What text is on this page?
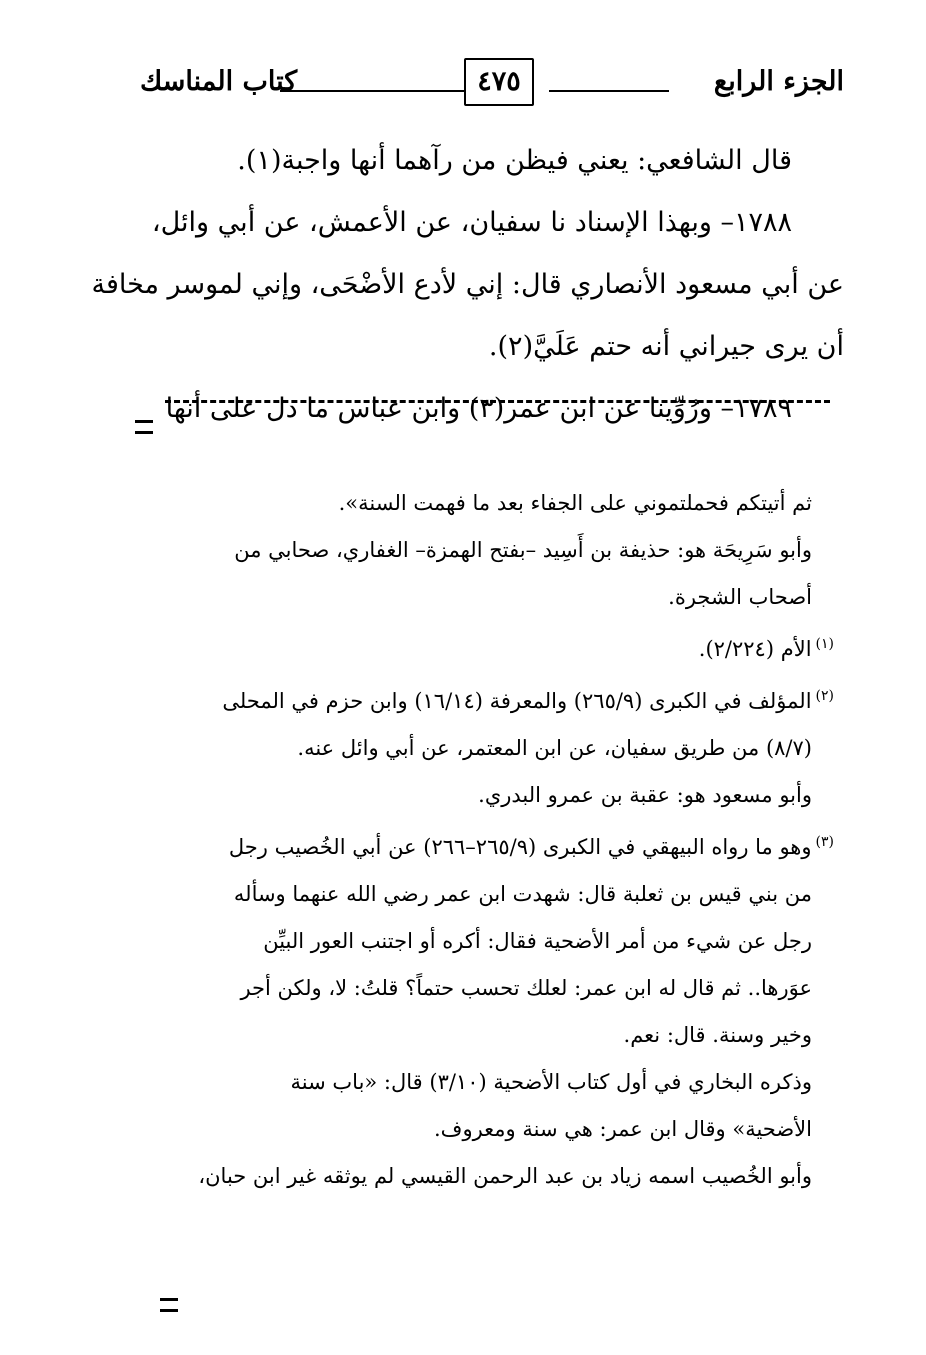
الجزء الرابع
٤٧٥
كتاب المناسك

قال الشافعي: يعني فيظن من رآهما أنها واجبة(١).

١٧٨٨– وبهذا الإسناد نا سفيان، عن الأعمش، عن أبي وائل،

عن أبي مسعود الأنصاري قال: إني لأدع الأضْحَى، وإني لموسر مخافة

أن يرى جيراني أنه حتم عَلَيَّ(٢).

١٧٨٩– ورُوِّينا عن ابن عمر(٣) وابن عباس ما دل على أنها

ثم أتيتكم فحملتموني على الجفاء بعد ما فهمت السنة».

وأبو سَرِيحَة هو: حذيفة بن أَسِيد –بفتح الهمزة– الغفاري، صحابي من

أصحاب الشجرة.

$^{(١)}$الأم (٢/٢٢٤).

$^{(٢)}$المؤلف في الكبرى (٢٦٥/٩) والمعرفة (١٦/١٤) وابن حزم في المحلى

(٨/٧) من طريق سفيان، عن ابن المعتمر، عن أبي وائل عنه.

وأبو مسعود هو: عقبة بن عمرو البدري.

$^{(٣)}$وهو ما رواه البيهقي في الكبرى (٢٦٥/٩–٢٦٦) عن أبي الخُصيب رجل

من بني قيس بن ثعلبة قال: شهدت ابن عمر رضي الله عنهما وسأله

رجل عن شيء من أمر الأضحية فقال: أكره أو اجتنب العور البيِّن

عوَرها.. ثم قال له ابن عمر: لعلك تحسب حتماً؟ قلتُ: لا، ولكن أجر

وخير وسنة. قال: نعم.

وذكره البخاري في أول كتاب الأضحية (٣/١٠) قال: «باب سنة

الأضحية» وقال ابن عمر: هي سنة ومعروف.

وأبو الخُصيب اسمه زياد بن عبد الرحمن القيسي لم يوثقه غير ابن حبان،
